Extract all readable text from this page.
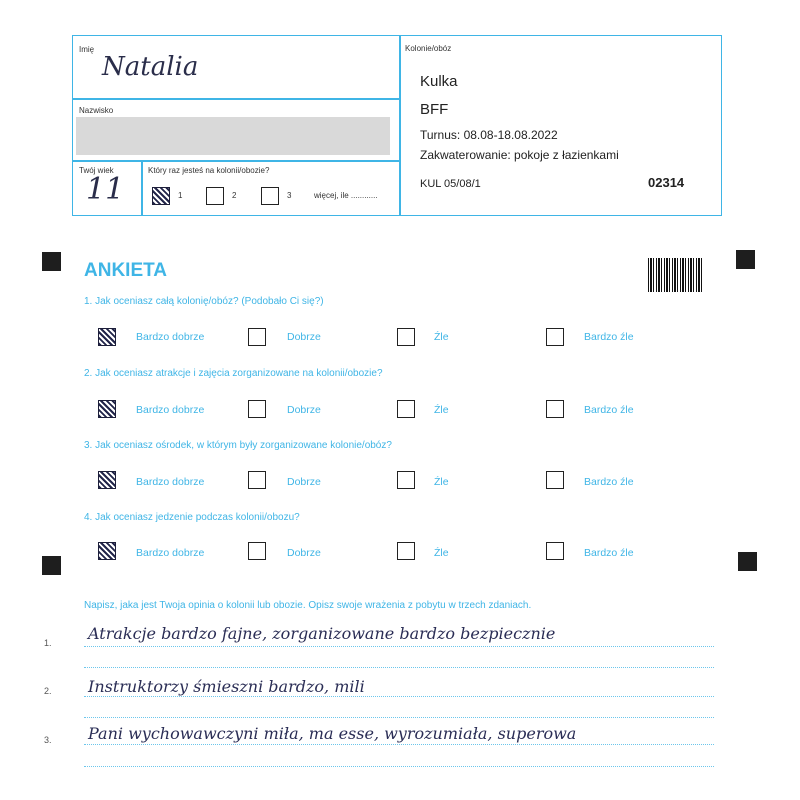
Imię
Natalia
Nazwisko
Twój wiek
11
Który raz jesteś na kolonii/obozie?
1	2	3	więcej, ile ............
Kolonie/obóz
Kulka
BFF
Turnus: 08.08-18.08.2022
Zakwaterowanie: pokoje z łazienkami
KUL 05/08/1	02314
ANKIETA
1. Jak oceniasz całą kolonię/obóz? (Podobało Ci się?)
Bardzo dobrze	Dobrze	Źle	Bardzo źle
2. Jak oceniasz atrakcje i zajęcia zorganizowane na kolonii/obozie?
Bardzo dobrze	Dobrze	Źle	Bardzo źle
3. Jak oceniasz ośrodek, w którym były zorganizowane kolonie/obóz?
Bardzo dobrze	Dobrze	Źle	Bardzo źle
4. Jak oceniasz jedzenie podczas kolonii/obozu?
Bardzo dobrze	Dobrze	Źle	Bardzo źle
Napisz, jaka jest Twoja opinia o kolonii lub obozie. Opisz swoje wrażenia z pobytu w trzech zdaniach.
1. Atrakcje bardzo fajne, zorganizowane bardzo bezpiecznie
2. Instruktorzy śmieszni bardzo, mili
3. Pani wychowawczyni miła, ma esse, wyrozumiała, superowa
